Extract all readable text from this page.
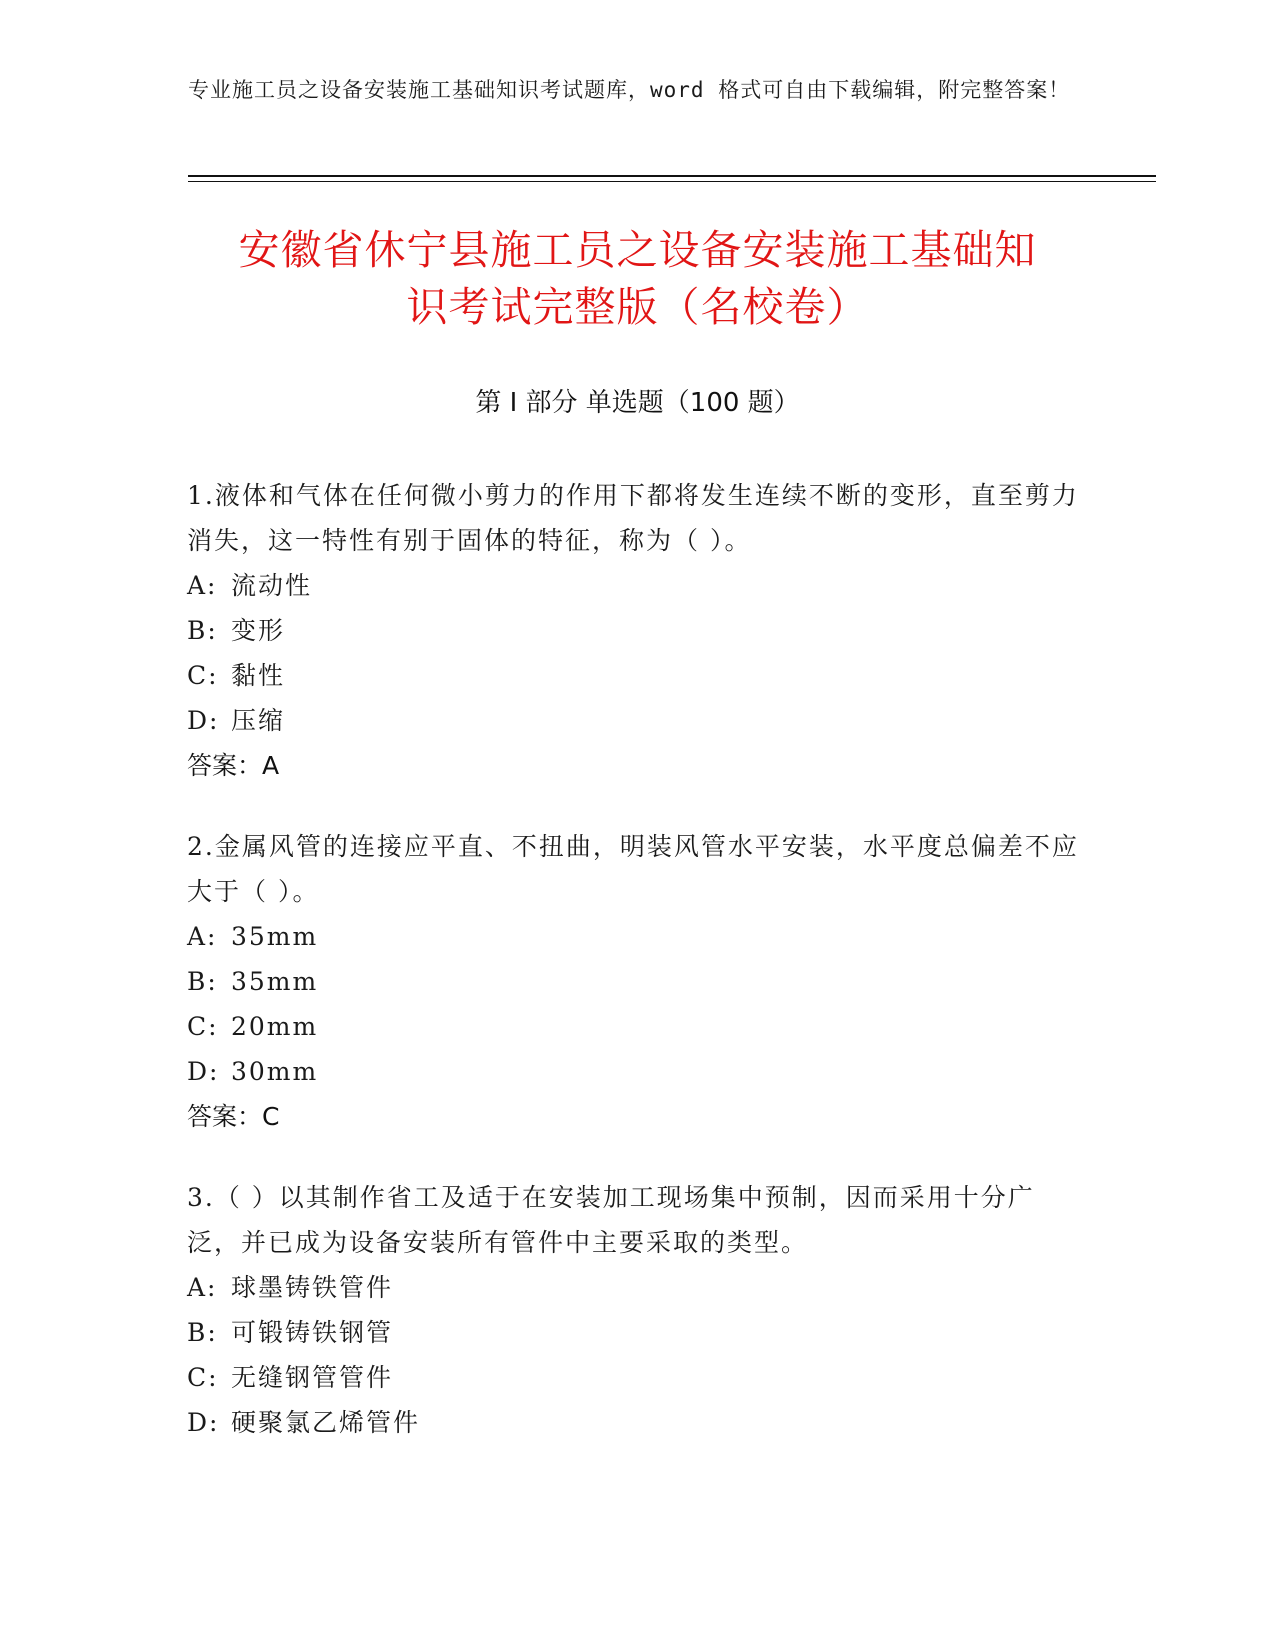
专业施工员之设备安装施工基础知识考试题库，word 格式可自由下载编辑，附完整答案！
安徽省休宁县施工员之设备安装施工基础知
识考试完整版（名校卷）
第 I 部分 单选题（100 题）
1.液体和气体在任何微小剪力的作用下都将发生连续不断的变形，直至剪力消失，这一特性有别于固体的特征，称为（ ）。
A: 流动性
B: 变形
C: 黏性
D: 压缩
答案：A
2.金属风管的连接应平直、不扭曲，明装风管水平安装，水平度总偏差不应大于（ ）。
A: 35mm
B: 35mm
C: 20mm
D: 30mm
答案：C
3.（ ）以其制作省工及适于在安装加工现场集中预制，因而采用十分广泛，并已成为设备安装所有管件中主要采取的类型。
A: 球墨铸铁管件
B: 可锻铸铁钢管
C: 无缝钢管管件
D: 硬聚氯乙烯管件
